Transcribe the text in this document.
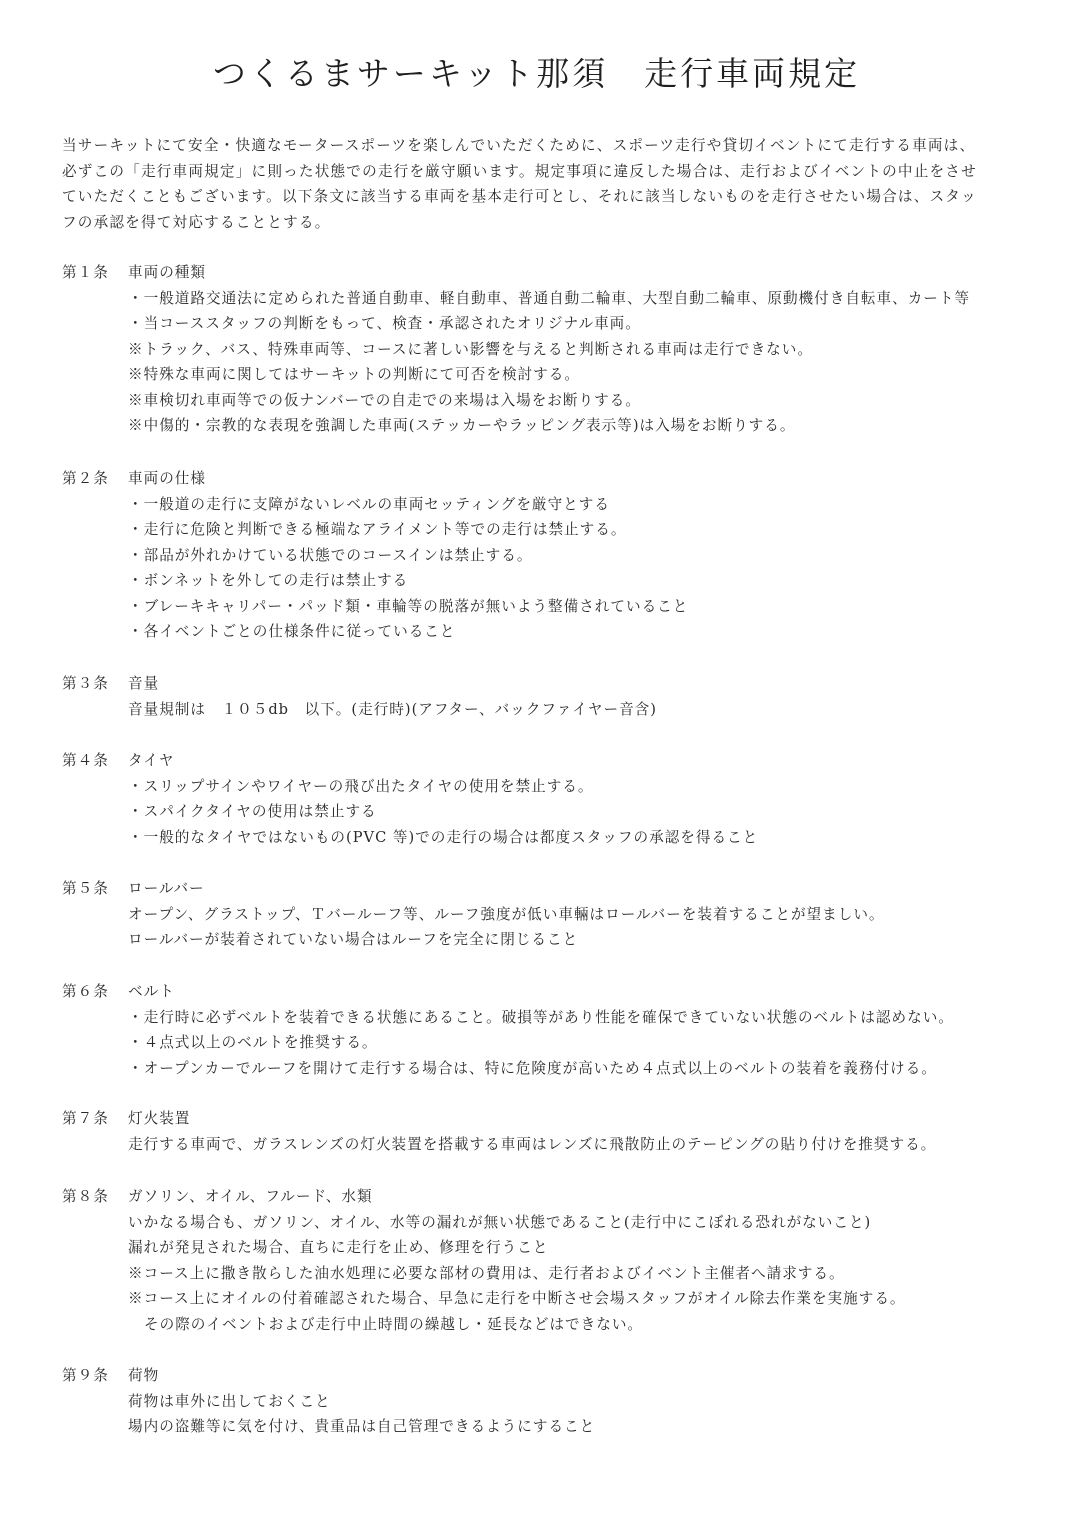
つくるまサーキット那須　走行車両規定

当サーキットにて安全・快適なモータースポーツを楽しんでいただくために、スポーツ走行や貸切イベントにて走行する車両は、
必ずこの「走行車両規定」に則った状態での走行を厳守願います。規定事項に違反した場合は、走行およびイベントの中止をさせ
ていただくこともございます。以下条文に該当する車両を基本走行可とし、それに該当しないものを走行させたい場合は、スタッ
フの承認を得て対応することとする。

第１条 車両の種類
・一般道路交通法に定められた普通自動車、軽自動車、普通自動二輪車、大型自動二輪車、原動機付き自転車、カート等
・当コーススタッフの判断をもって、検査・承認されたオリジナル車両。
※トラック、バス、特殊車両等、コースに著しい影響を与えると判断される車両は走行できない。
※特殊な車両に関してはサーキットの判断にて可否を検討する。
※車検切れ車両等での仮ナンバーでの自走での来場は入場をお断りする。
※中傷的・宗教的な表現を強調した車両(ステッカーやラッピング表示等)は入場をお断りする。
第２条 車両の仕様
・一般道の走行に支障がないレベルの車両セッティングを厳守とする
・走行に危険と判断できる極端なアライメント等での走行は禁止する。
・部品が外れかけている状態でのコースインは禁止する。
・ボンネットを外しての走行は禁止する
・ブレーキキャリパー・パッド類・車輪等の脱落が無いよう整備されていること
・各イベントごとの仕様条件に従っていること
第３条 音量
音量規制は　１０５db　以下。(走行時)(アフター、バックファイヤー音含)
第４条 タイヤ
・スリップサインやワイヤーの飛び出たタイヤの使用を禁止する。
・スパイクタイヤの使用は禁止する
・一般的なタイヤではないもの(PVC 等)での走行の場合は都度スタッフの承認を得ること
第５条 ロールバー
オープン、グラストップ、Ｔバールーフ等、ルーフ強度が低い車輛はロールバーを装着することが望ましい。
ロールバーが装着されていない場合はルーフを完全に閉じること
第６条 ベルト
・走行時に必ずベルトを装着できる状態にあること。破損等があり性能を確保できていない状態のベルトは認めない。
・４点式以上のベルトを推奨する。
・オープンカーでルーフを開けて走行する場合は、特に危険度が高いため４点式以上のベルトの装着を義務付ける。
第７条 灯火装置
走行する車両で、ガラスレンズの灯火装置を搭載する車両はレンズに飛散防止のテーピングの貼り付けを推奨する。
第８条 ガソリン、オイル、フルード、水類
いかなる場合も、ガソリン、オイル、水等の漏れが無い状態であること(走行中にこぼれる恐れがないこと)
漏れが発見された場合、直ちに走行を止め、修理を行うこと
※コース上に撒き散らした油水処理に必要な部材の費用は、走行者およびイベント主催者へ請求する。
※コース上にオイルの付着確認された場合、早急に走行を中断させ会場スタッフがオイル除去作業を実施する。
その際のイベントおよび走行中止時間の繰越し・延長などはできない。
第９条 荷物
荷物は車外に出しておくこと
場内の盗難等に気を付け、貴重品は自己管理できるようにすること
